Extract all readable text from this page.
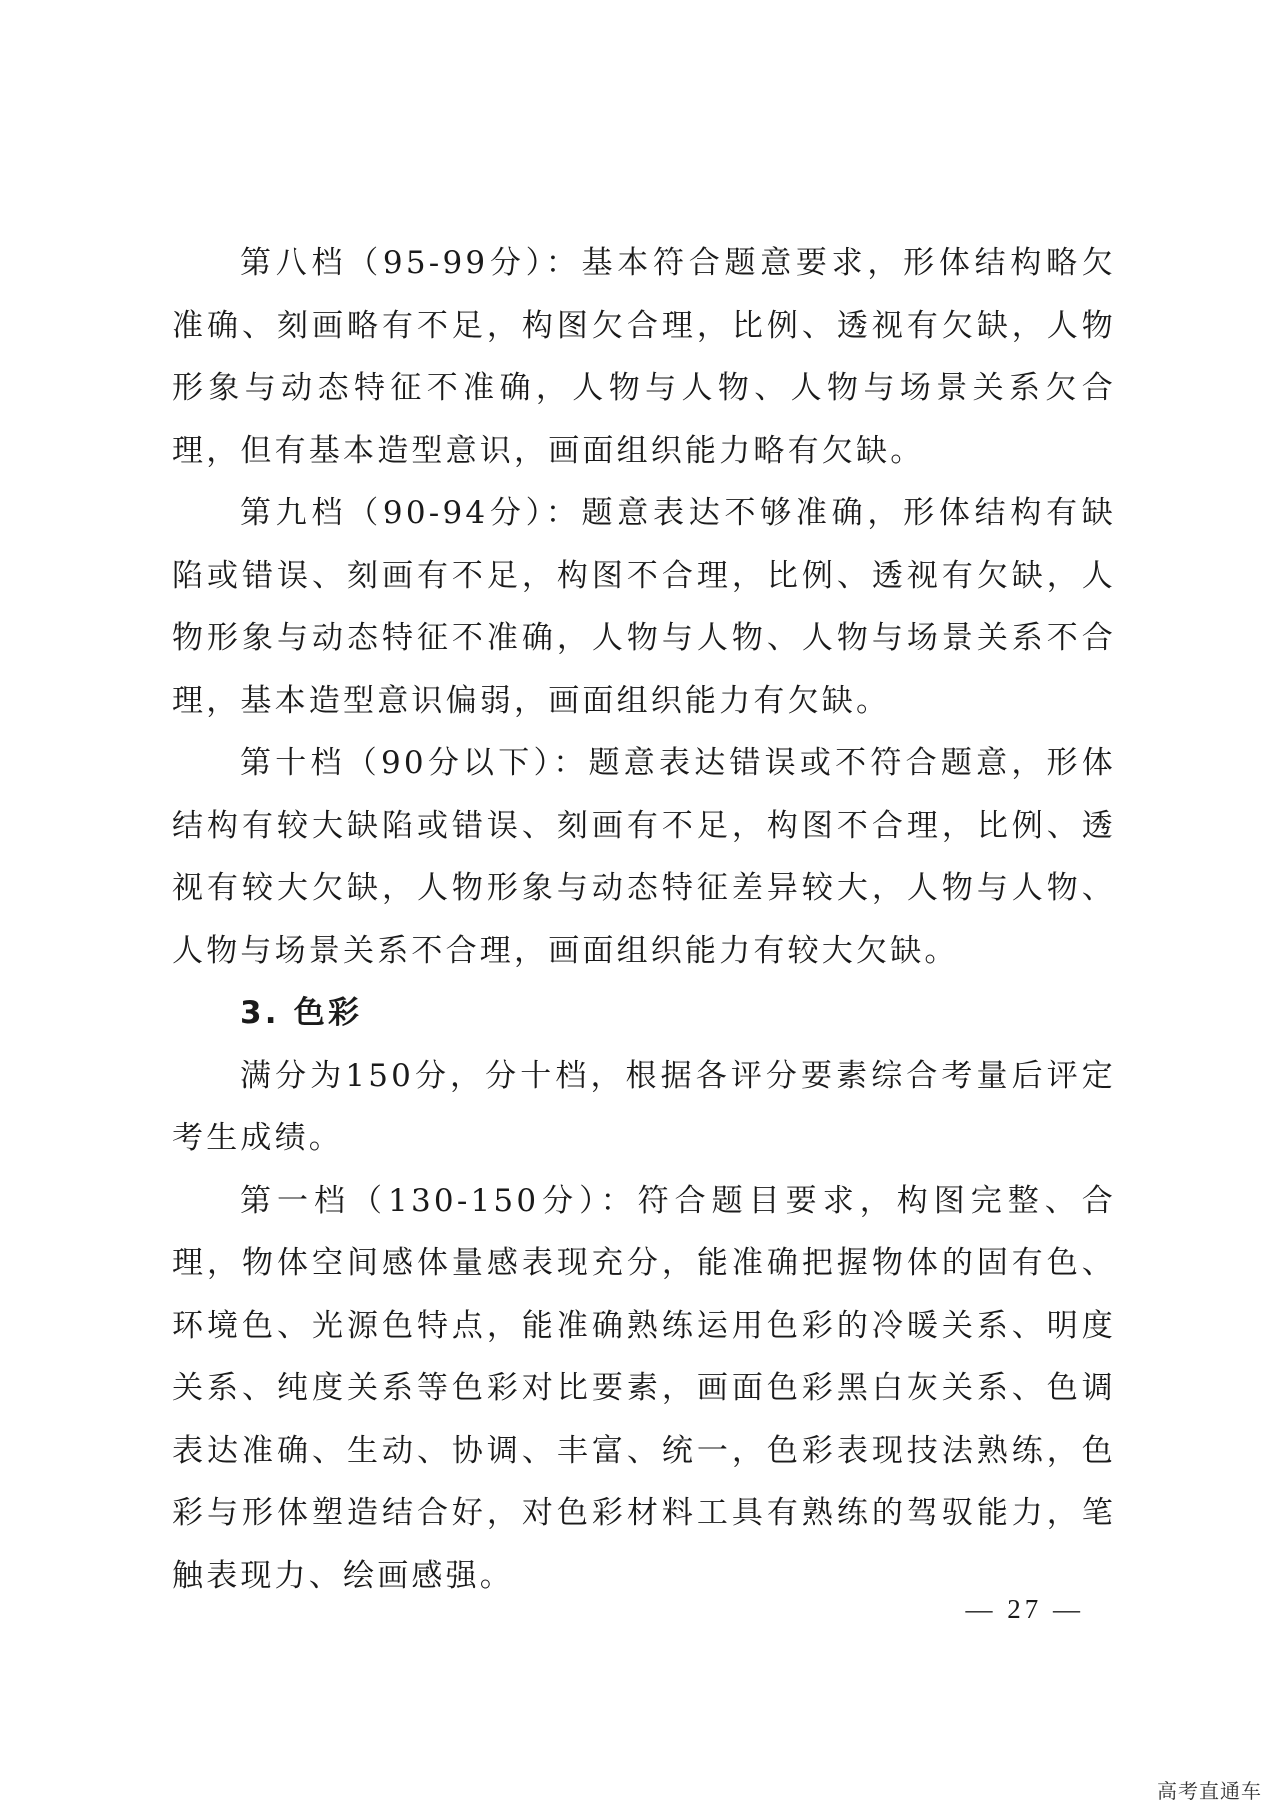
第八档（95-99分）：基本符合题意要求，形体结构略欠准确、刻画略有不足，构图欠合理，比例、透视有欠缺，人物形象与动态特征不准确，人物与人物、人物与场景关系欠合理，但有基本造型意识，画面组织能力略有欠缺。

第九档（90-94分）：题意表达不够准确，形体结构有缺陷或错误、刻画有不足，构图不合理，比例、透视有欠缺，人物形象与动态特征不准确，人物与人物、人物与场景关系不合理，基本造型意识偏弱，画面组织能力有欠缺。

第十档（90分以下）：题意表达错误或不符合题意，形体结构有较大缺陷或错误、刻画有不足，构图不合理，比例、透视有较大欠缺，人物形象与动态特征差异较大，人物与人物、人物与场景关系不合理，画面组织能力有较大欠缺。

3. 色彩

满分为150分，分十档，根据各评分要素综合考量后评定考生成绩。

第一档（130-150分）：符合题目要求，构图完整、合理，物体空间感体量感表现充分，能准确把握物体的固有色、环境色、光源色特点，能准确熟练运用色彩的冷暖关系、明度关系、纯度关系等色彩对比要素，画面色彩黑白灰关系、色调表达准确、生动、协调、丰富、统一，色彩表现技法熟练，色彩与形体塑造结合好，对色彩材料工具有熟练的驾驭能力，笔触表现力、绘画感强。

— 27 —
高考直通车
